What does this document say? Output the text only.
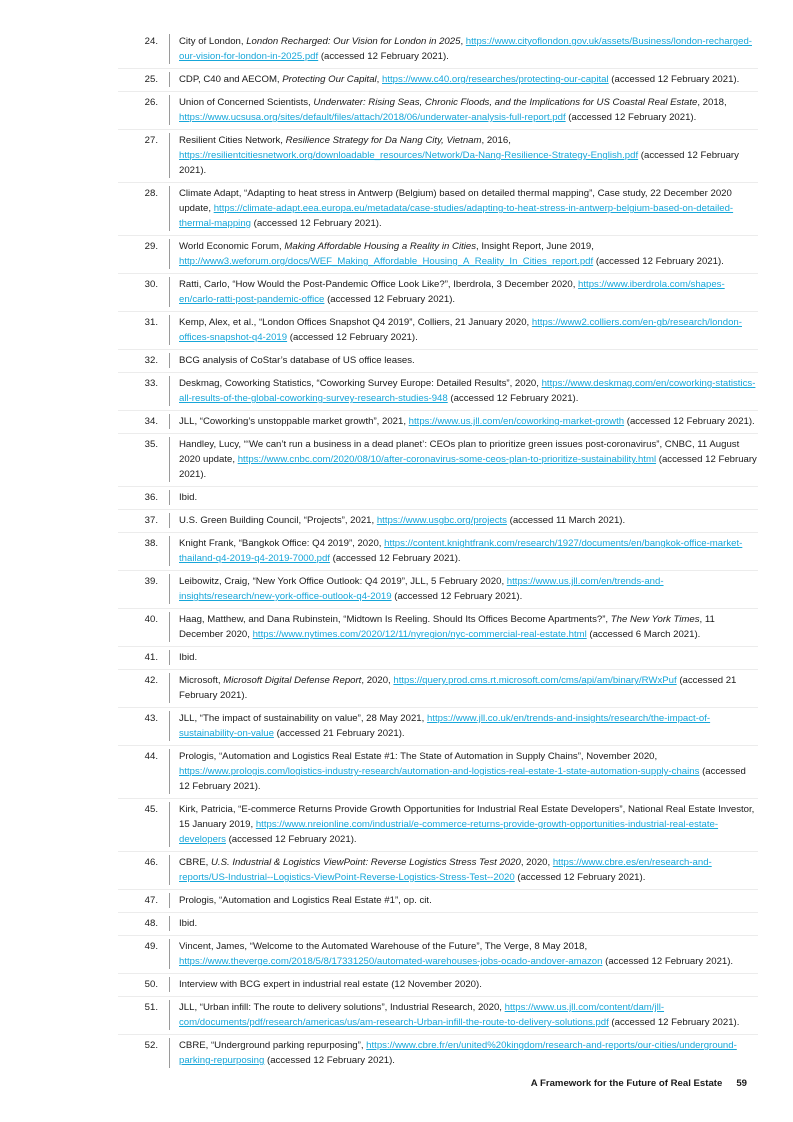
24.	City of London, London Recharged: Our Vision for London in 2025, https://www.cityoflondon.gov.uk/assets/Business/london-recharged-our-vision-for-london-in-2025.pdf (accessed 12 February 2021).
25.	CDP, C40 and AECOM, Protecting Our Capital, https://www.c40.org/researches/protecting-our-capital (accessed 12 February 2021).
26.	Union of Concerned Scientists, Underwater: Rising Seas, Chronic Floods, and the Implications for US Coastal Real Estate, 2018, https://www.ucsusa.org/sites/default/files/attach/2018/06/underwater-analysis-full-report.pdf (accessed 12 February 2021).
27.	Resilient Cities Network, Resilience Strategy for Da Nang City, Vietnam, 2016, https://resilientcitiesnetwork.org/downloadable_resources/Network/Da-Nang-Resilience-Strategy-English.pdf (accessed 12 February 2021).
28.	Climate Adapt, “Adapting to heat stress in Antwerp (Belgium) based on detailed thermal mapping”, Case study, 22 December 2020 update, https://climate-adapt.eea.europa.eu/metadata/case-studies/adapting-to-heat-stress-in-antwerp-belgium-based-on-detailed-thermal-mapping (accessed 12 February 2021).
29.	World Economic Forum, Making Affordable Housing a Reality in Cities, Insight Report, June 2019, http://www3.weforum.org/docs/WEF_Making_Affordable_Housing_A_Reality_In_Cities_report.pdf (accessed 12 February 2021).
30.	Ratti, Carlo, “How Would the Post-Pandemic Office Look Like?”, Iberdrola, 3 December 2020, https://www.iberdrola.com/shapes-en/carlo-ratti-post-pandemic-office (accessed 12 February 2021).
31.	Kemp, Alex, et al., “London Offices Snapshot Q4 2019”, Colliers, 21 January 2020, https://www2.colliers.com/en-gb/research/london-offices-snapshot-q4-2019 (accessed 12 February 2021).
32.	BCG analysis of CoStar’s database of US office leases.
33.	Deskmag, Coworking Statistics, “Coworking Survey Europe: Detailed Results”, 2020, https://www.deskmag.com/en/coworking-statistics-all-results-of-the-global-coworking-survey-research-studies-948 (accessed 12 February 2021).
34.	JLL, “Coworking’s unstoppable market growth”, 2021, https://www.us.jll.com/en/coworking-market-growth (accessed 12 February 2021).
35.	Handley, Lucy, “‘We can’t run a business in a dead planet’: CEOs plan to prioritize green issues post-coronavirus”, CNBC, 11 August 2020 update, https://www.cnbc.com/2020/08/10/after-coronavirus-some-ceos-plan-to-prioritize-sustainability.html (accessed 12 February 2021).
36.	Ibid.
37.	U.S. Green Building Council, “Projects”, 2021, https://www.usgbc.org/projects (accessed 11 March 2021).
38.	Knight Frank, “Bangkok Office: Q4 2019”, 2020, https://content.knightfrank.com/research/1927/documents/en/bangkok-office-market-thailand-q4-2019-q4-2019-7000.pdf (accessed 12 February 2021).
39.	Leibowitz, Craig, “New York Office Outlook: Q4 2019”, JLL, 5 February 2020, https://www.us.jll.com/en/trends-and-insights/research/new-york-office-outlook-q4-2019 (accessed 12 February 2021).
40.	Haag, Matthew, and Dana Rubinstein, “Midtown Is Reeling. Should Its Offices Become Apartments?”, The New York Times, 11 December 2020, https://www.nytimes.com/2020/12/11/nyregion/nyc-commercial-real-estate.html (accessed 6 March 2021).
41.	Ibid.
42.	Microsoft, Microsoft Digital Defense Report, 2020, https://query.prod.cms.rt.microsoft.com/cms/api/am/binary/RWxPuf (accessed 21 February 2021).
43.	JLL, “The impact of sustainability on value”, 28 May 2021, https://www.jll.co.uk/en/trends-and-insights/research/the-impact-of-sustainability-on-value (accessed 21 February 2021).
44.	Prologis, “Automation and Logistics Real Estate #1: The State of Automation in Supply Chains”, November 2020, https://www.prologis.com/logistics-industry-research/automation-and-logistics-real-estate-1-state-automation-supply-chains (accessed 12 February 2021).
45.	Kirk, Patricia, “E-commerce Returns Provide Growth Opportunities for Industrial Real Estate Developers”, National Real Estate Investor, 15 January 2019, https://www.nreionline.com/industrial/e-commerce-returns-provide-growth-opportunities-industrial-real-estate-developers (accessed 12 February 2021).
46.	CBRE, U.S. Industrial & Logistics ViewPoint: Reverse Logistics Stress Test 2020, 2020, https://www.cbre.es/en/research-and-reports/US-Industrial--Logistics-ViewPoint-Reverse-Logistics-Stress-Test--2020 (accessed 12 February 2021).
47.	Prologis, “Automation and Logistics Real Estate #1”, op. cit.
48.	Ibid.
49.	Vincent, James, “Welcome to the Automated Warehouse of the Future”, The Verge, 8 May 2018, https://www.theverge.com/2018/5/8/17331250/automated-warehouses-jobs-ocado-andover-amazon (accessed 12 February 2021).
50.	Interview with BCG expert in industrial real estate (12 November 2020).
51.	JLL, “Urban infill: The route to delivery solutions”, Industrial Research, 2020, https://www.us.jll.com/content/dam/jll-com/documents/pdf/research/americas/us/am-research-Urban-infill-the-route-to-delivery-solutions.pdf (accessed 12 February 2021).
52.	CBRE, “Underground parking repurposing”, https://www.cbre.fr/en/united%20kingdom/research-and-reports/our-cities/underground-parking-repurposing (accessed 12 February 2021).
A Framework for the Future of Real Estate 59
